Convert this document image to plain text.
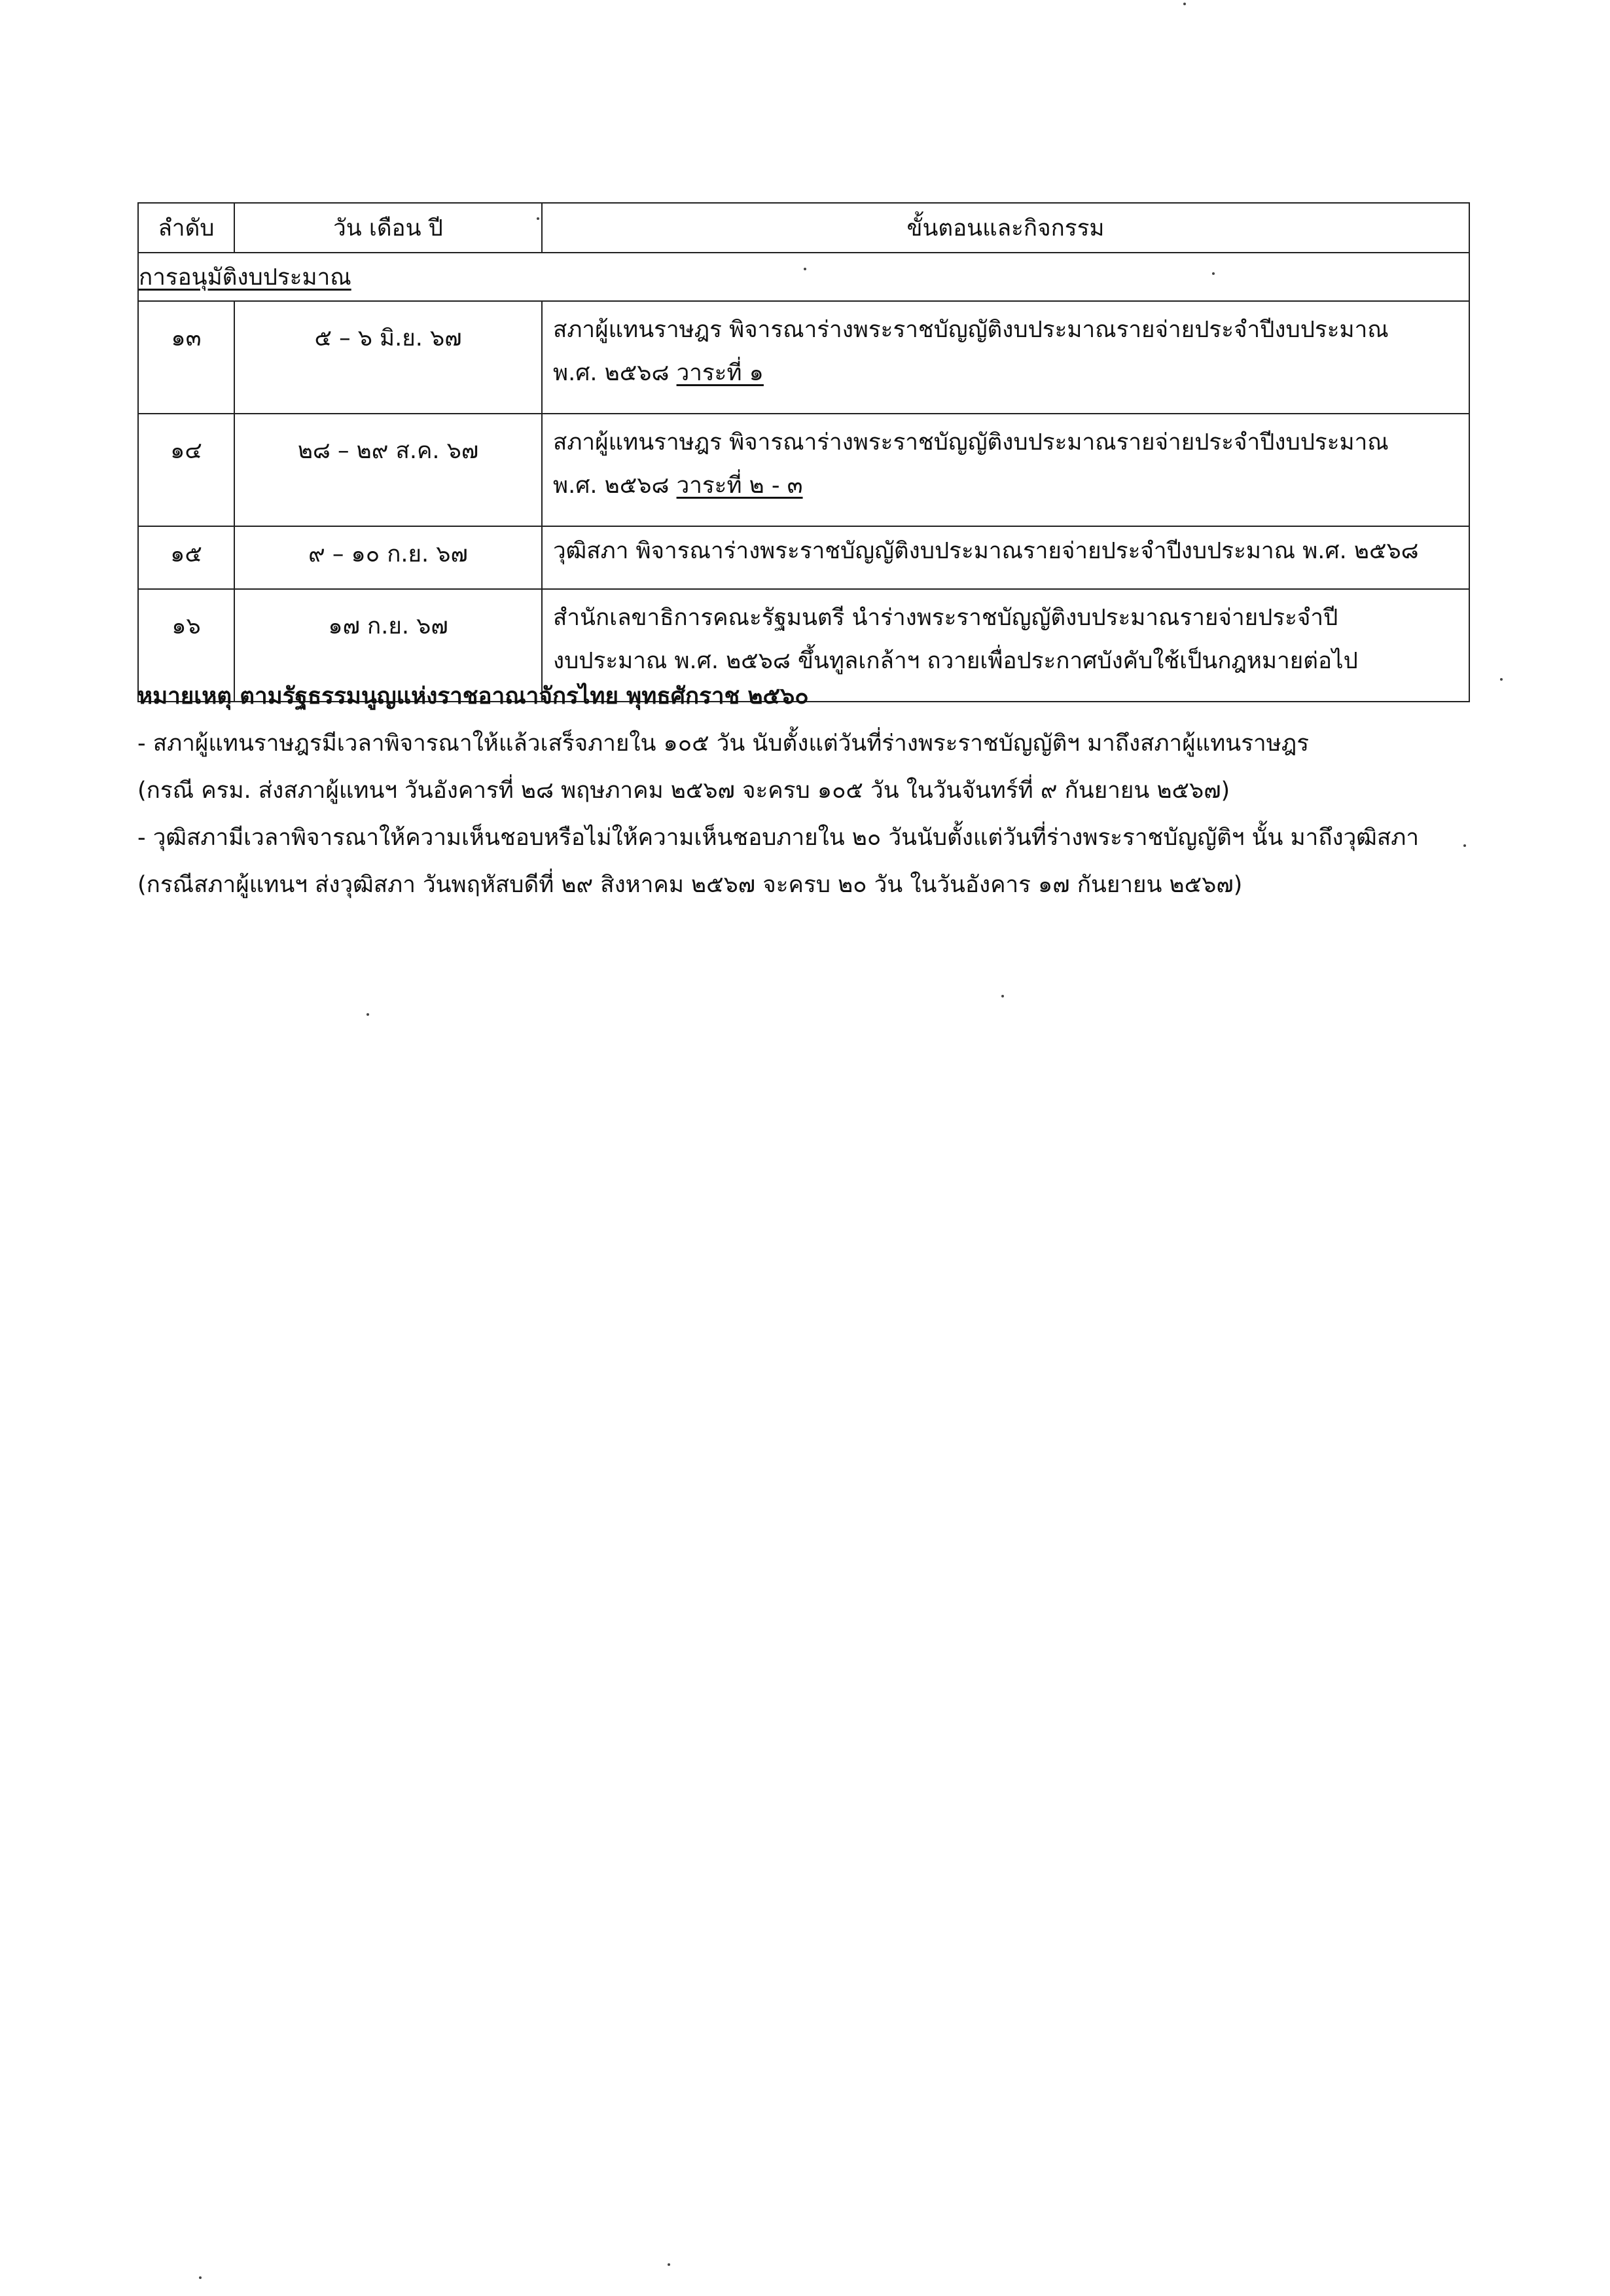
ลำดับ	วัน เดือน ปี	ขั้นตอนและกิจกรรม
การอนุมัติงบประมาณ		
๑๓	๕ – ๖ มิ.ย. ๖๗	สภาผู้แทนราษฎร พิจารณาร่างพระราชบัญญัติงบประมาณรายจ่ายประจำปีงบประมาณ
พ.ศ. ๒๕๖๘ วาระที่ ๑

๑๔	๒๘ – ๒๙ ส.ค. ๖๗	สภาผู้แทนราษฎร พิจารณาร่างพระราชบัญญัติงบประมาณรายจ่ายประจำปีงบประมาณ
พ.ศ. ๒๕๖๘ วาระที่ ๒ - ๓

๑๕	๙ – ๑๐ ก.ย. ๖๗	วุฒิสภา พิจารณาร่างพระราชบัญญัติงบประมาณรายจ่ายประจำปีงบประมาณ พ.ศ. ๒๕๖๘

๑๖	๑๗ ก.ย. ๖๗	สำนักเลขาธิการคณะรัฐมนตรี นำร่างพระราชบัญญัติงบประมาณรายจ่ายประจำปี
งบประมาณ พ.ศ. ๒๕๖๘ ขึ้นทูลเกล้าฯ ถวายเพื่อประกาศบังคับใช้เป็นกฎหมายต่อไป
หมายเหตุ ตามรัฐธรรมนูญแห่งราชอาณาจักรไทย พุทธศักราช ๒๕๖๐
- สภาผู้แทนราษฎรมีเวลาพิจารณาให้แล้วเสร็จภายใน ๑๐๕ วัน นับตั้งแต่วันที่ร่างพระราชบัญญัติฯ มาถึงสภาผู้แทนราษฎร
(กรณี ครม. ส่งสภาผู้แทนฯ วันอังคารที่ ๒๘ พฤษภาคม ๒๕๖๗ จะครบ ๑๐๕ วัน ในวันจันทร์ที่ ๙ กันยายน ๒๕๖๗)
- วุฒิสภามีเวลาพิจารณาให้ความเห็นชอบหรือไม่ให้ความเห็นชอบภายใน ๒๐ วันนับตั้งแต่วันที่ร่างพระราชบัญญัติฯ นั้น มาถึงวุฒิสภา
(กรณีสภาผู้แทนฯ ส่งวุฒิสภา วันพฤหัสบดีที่ ๒๙ สิงหาคม ๒๕๖๗ จะครบ ๒๐ วัน ในวันอังคาร ๑๗ กันยายน ๒๕๖๗)
